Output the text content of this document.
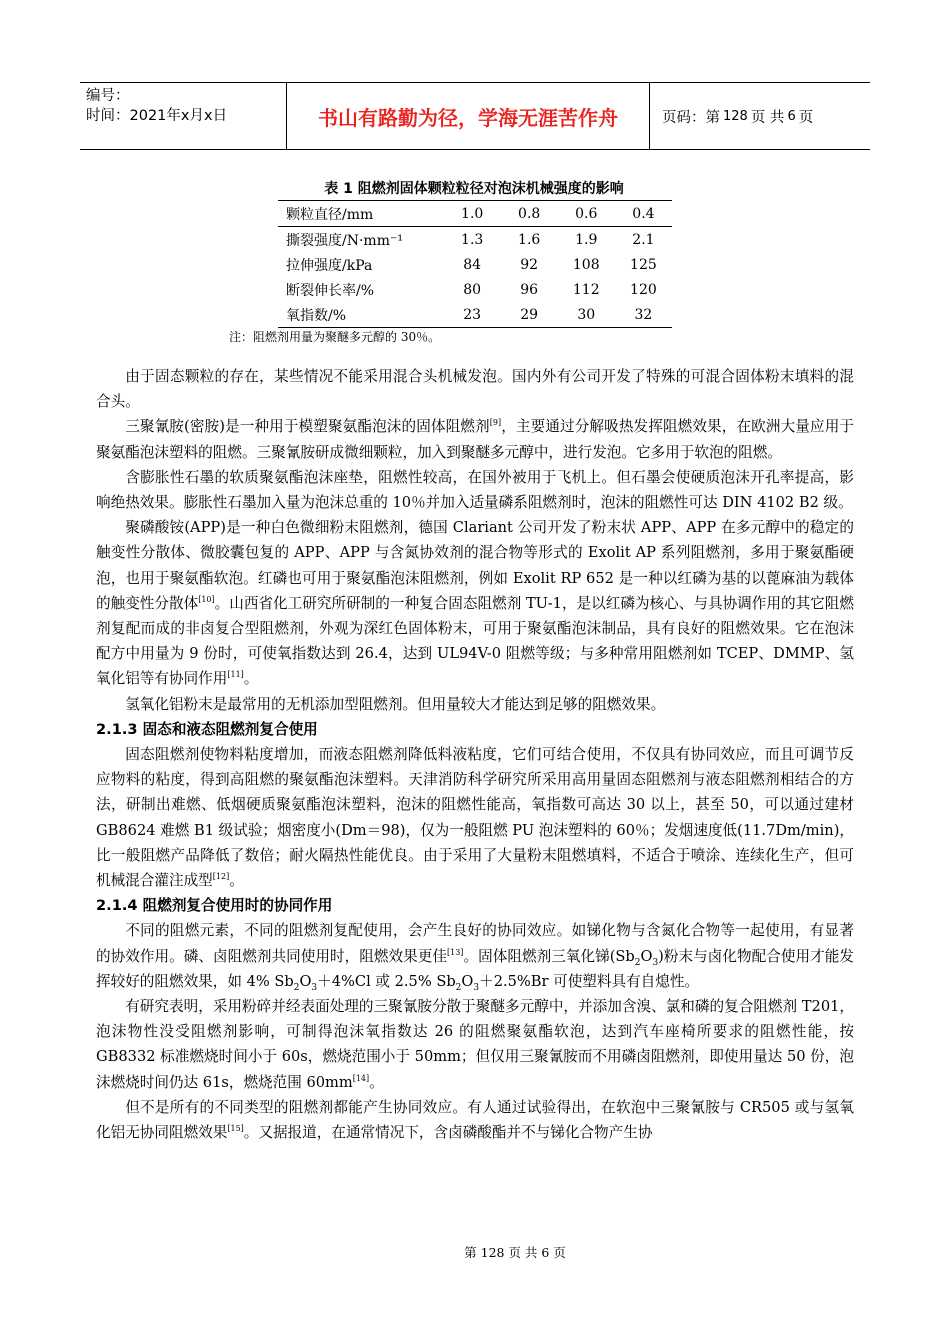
编号：
时间：2021年x月x日	书山有路勤为径，学海无涯苦作舟	页码：第 128 页 共 6 页
表 1 阻燃剂固体颗粒粒径对泡沫机械强度的影响
颗粒直径/mm	1.0	0.8	0.6	0.4
撕裂强度/N·mm⁻¹	1.3	1.6	1.9	2.1
拉伸强度/kPa	84	92	108	125
断裂伸长率/%	80	96	112	120
氧指数/%	23	29	30	32
注：阻燃剂用量为聚醚多元醇的 30％。

由于固态颗粒的存在，某些情况不能采用混合头机械发泡。国内外有公司开发了特殊的可混合固体粉末填料的混合头。

三聚氰胺(密胺)是一种用于模塑聚氨酯泡沫的固体阻燃剂[9]，主要通过分解吸热发挥阻燃效果，在欧洲大量应用于聚氨酯泡沫塑料的阻燃。三聚氰胺研成微细颗粒，加入到聚醚多元醇中，进行发泡。它多用于软泡的阻燃。

含膨胀性石墨的软质聚氨酯泡沫座垫，阻燃性较高，在国外被用于飞机上。但石墨会使硬质泡沫开孔率提高，影响绝热效果。膨胀性石墨加入量为泡沫总重的 10％并加入适量磷系阻燃剂时，泡沫的阻燃性可达 DIN 4102 B2 级。

聚磷酸铵(APP)是一种白色微细粉末阻燃剂，德国 Clariant 公司开发了粉末状 APP、APP 在多元醇中的稳定的触变性分散体、微胶囊包复的 APP、APP 与含氮协效剂的混合物等形式的 Exolit AP 系列阻燃剂，多用于聚氨酯硬泡，也用于聚氨酯软泡。红磷也可用于聚氨酯泡沫阻燃剂，例如 Exolit RP 652 是一种以红磷为基的以蓖麻油为载体的触变性分散体[10]。山西省化工研究所研制的一种复合固态阻燃剂 TU-1，是以红磷为核心、与具协调作用的其它阻燃剂复配而成的非卤复合型阻燃剂，外观为深红色固体粉末，可用于聚氨酯泡沫制品，具有良好的阻燃效果。它在泡沫配方中用量为 9 份时，可使氧指数达到 26.4，达到 UL94V-0 阻燃等级；与多种常用阻燃剂如 TCEP、DMMP、氢氧化铝等有协同作用[11]。

氢氧化铝粉末是最常用的无机添加型阻燃剂。但用量较大才能达到足够的阻燃效果。

2.1.3 固态和液态阻燃剂复合使用

固态阻燃剂使物料粘度增加，而液态阻燃剂降低料液粘度，它们可结合使用，不仅具有协同效应，而且可调节反应物料的粘度，得到高阻燃的聚氨酯泡沫塑料。天津消防科学研究所采用高用量固态阻燃剂与液态阻燃剂相结合的方法，研制出难燃、低烟硬质聚氨酯泡沫塑料，泡沫的阻燃性能高，氧指数可高达 30 以上，甚至 50，可以通过建材 GB8624 难燃 B1 级试验；烟密度小(Dm＝98)，仅为一般阻燃 PU 泡沫塑料的 60％；发烟速度低(11.7Dm/min)，比一般阻燃产品降低了数倍；耐火隔热性能优良。由于采用了大量粉末阻燃填料，不适合于喷涂、连续化生产，但可机械混合灌注成型[12]。

2.1.4 阻燃剂复合使用时的协同作用

不同的阻燃元素，不同的阻燃剂复配使用，会产生良好的协同效应。如锑化物与含氮化合物等一起使用，有显著的协效作用。磷、卤阻燃剂共同使用时，阻燃效果更佳[13]。固体阻燃剂三氧化锑$(Sb_2O_3)$粉末与卤化物配合使用才能发挥较好的阻燃效果，如 4% $Sb_2O_3+4\%Cl$ 或 2.5% $Sb_2O_3+2.5\%Br$ 可使塑料具有自熄性。

有研究表明，采用粉碎并经表面处理的三聚氰胺分散于聚醚多元醇中，并添加含溴、氯和磷的复合阻燃剂 T201，泡沫物性没受阻燃剂影响，可制得泡沫氧指数达 26 的阻燃聚氨酯软泡，达到汽车座椅所要求的阻燃性能，按 GB8332 标准燃烧时间小于 60s，燃烧范围小于 50mm；但仅用三聚氰胺而不用磷卤阻燃剂，即使用量达 50 份，泡沫燃烧时间仍达 61s，燃烧范围 60mm[14]。

但不是所有的不同类型的阻燃剂都能产生协同效应。有人通过试验得出，在软泡中三聚氰胺与 CR505 或与氢氧化铝无协同阻燃效果[15]。又据报道，在通常情况下，含卤磷酸酯并不与锑化合物产生协

第 128 页 共 6 页
